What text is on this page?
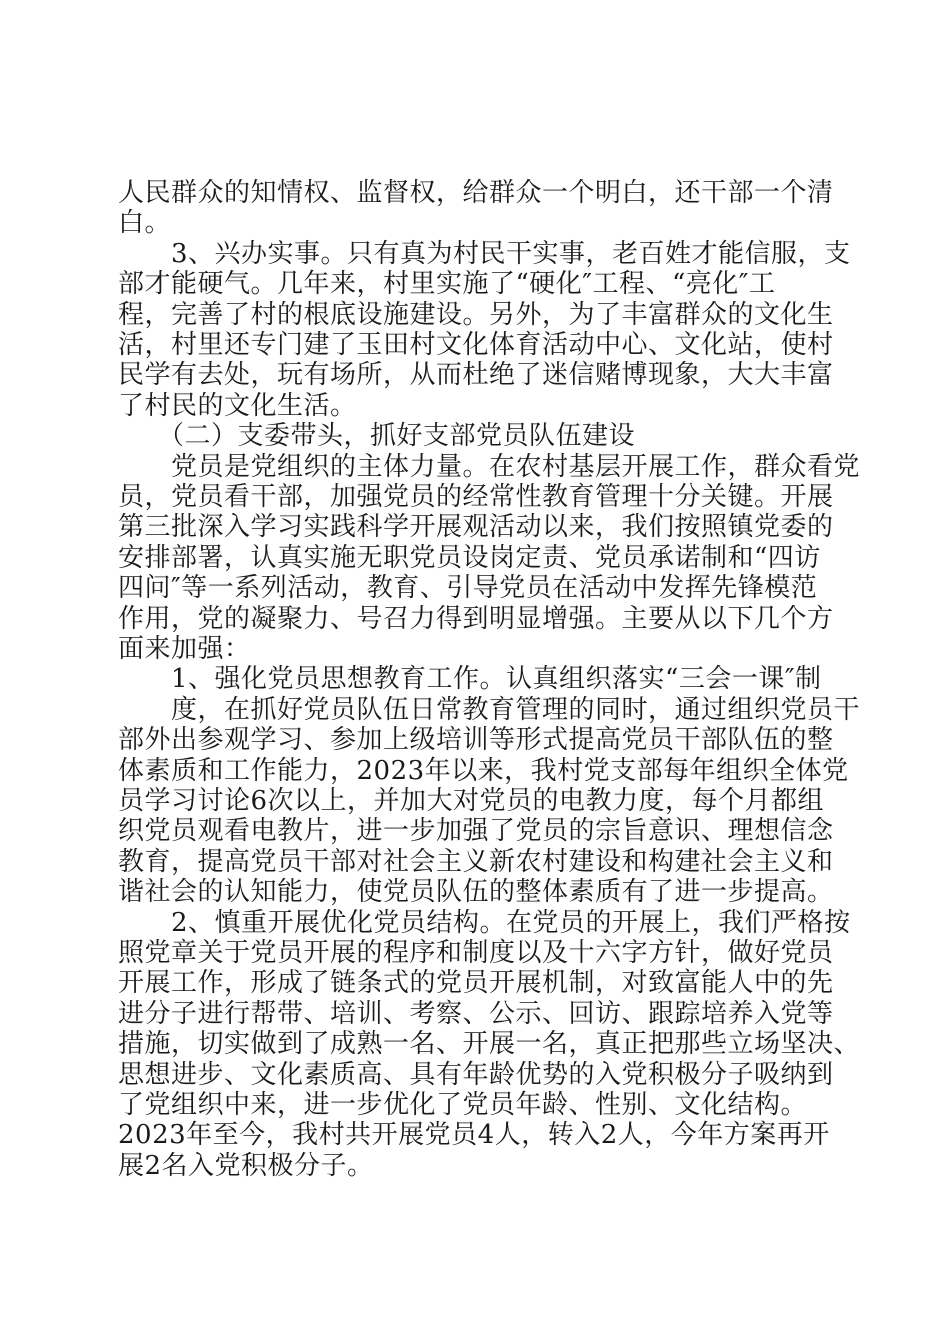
人民群众的知情权、监督权，给群众一个明白，还干部一个清
白。
　　3、兴办实事。只有真为村民干实事，老百姓才能信服，支
部才能硬气。几年来，村里实施了“硬化″工程、“亮化″工
程，完善了村的根底设施建设。另外，为了丰富群众的文化生
活，村里还专门建了玉田村文化体育活动中心、文化站，使村
民学有去处，玩有场所，从而杜绝了迷信赌博现象，大大丰富
了村民的文化生活。
　　（二）支委带头，抓好支部党员队伍建设
　　党员是党组织的主体力量。在农村基层开展工作，群众看党
员，党员看干部，加强党员的经常性教育管理十分关键。开展
第三批深入学习实践科学开展观活动以来，我们按照镇党委的
安排部署，认真实施无职党员设岗定责、党员承诺制和“四访
四问″等一系列活动，教育、引导党员在活动中发挥先锋模范
作用，党的凝聚力、号召力得到明显增强。主要从以下几个方
面来加强：
　　1、强化党员思想教育工作。认真组织落实“三会一课″制
　　度，在抓好党员队伍日常教育管理的同时，通过组织党员干
部外出参观学习、参加上级培训等形式提高党员干部队伍的整
体素质和工作能力，2023年以来，我村党支部每年组织全体党
员学习讨论6次以上，并加大对党员的电教力度，每个月都组
织党员观看电教片，进一步加强了党员的宗旨意识、理想信念
教育，提高党员干部对社会主义新农村建设和构建社会主义和
谐社会的认知能力，使党员队伍的整体素质有了进一步提高。
　　2、慎重开展优化党员结构。在党员的开展上，我们严格按
照党章关于党员开展的程序和制度以及十六字方针，做好党员
开展工作，形成了链条式的党员开展机制，对致富能人中的先
进分子进行帮带、培训、考察、公示、回访、跟踪培养入党等
措施，切实做到了成熟一名、开展一名，真正把那些立场坚决、
思想进步、文化素质高、具有年龄优势的入党积极分子吸纳到
了党组织中来，进一步优化了党员年龄、性别、文化结构。
2023年至今，我村共开展党员4人，转入2人，今年方案再开
展2名入党积极分子。
